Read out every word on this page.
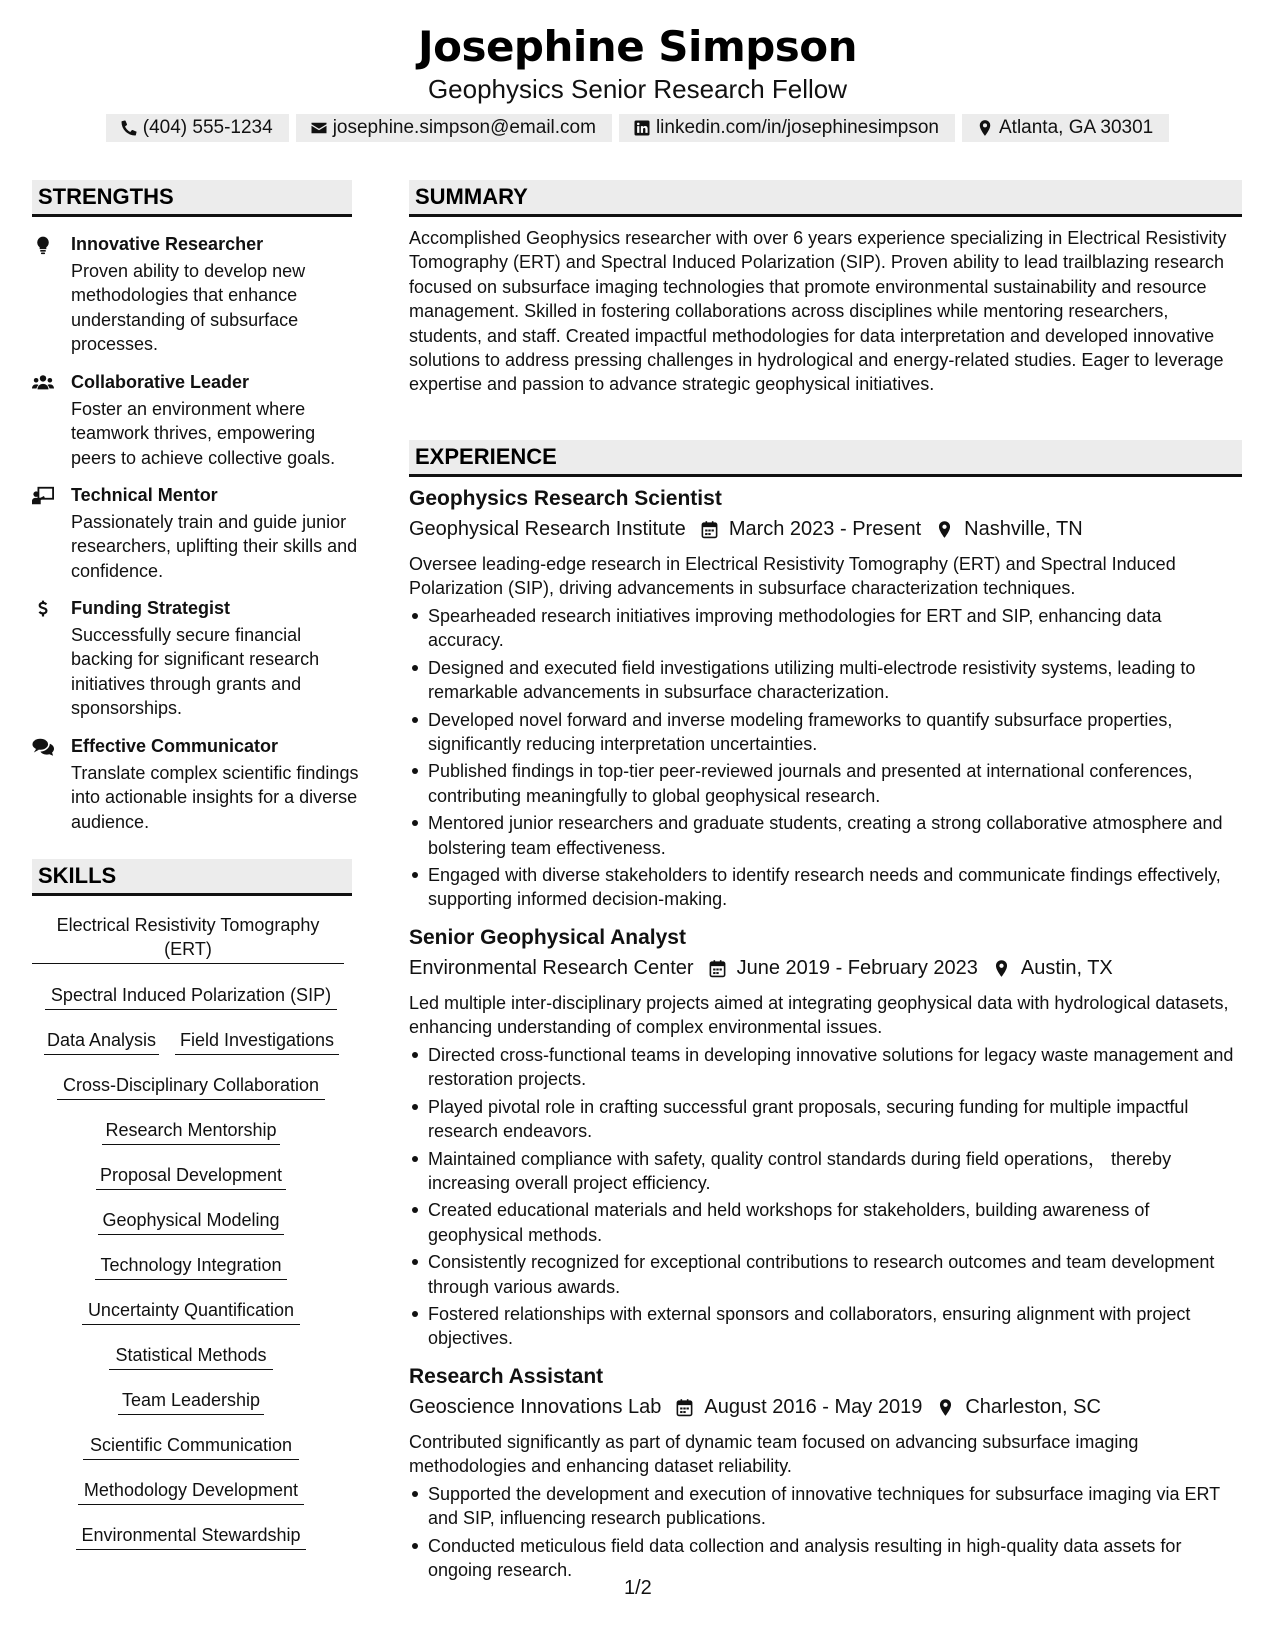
Josephine Simpson
Geophysics Senior Research Fellow
(404) 555-1234	josephine.simpson@email.com	linkedin.com/in/josephinesimpson	Atlanta, GA 30301
STRENGTHS
Innovative Researcher
Proven ability to develop new methodologies that enhance understanding of subsurface processes.
Collaborative Leader
Foster an environment where teamwork thrives, empowering peers to achieve collective goals.
Technical Mentor
Passionately train and guide junior researchers, uplifting their skills and confidence.
Funding Strategist
Successfully secure financial backing for significant research initiatives through grants and sponsorships.
Effective Communicator
Translate complex scientific findings into actionable insights for a diverse audience.
SKILLS
Electrical Resistivity Tomography (ERT)
Spectral Induced Polarization (SIP)
Data Analysis Field Investigations
Cross-Disciplinary Collaboration
Research Mentorship
Proposal Development
Geophysical Modeling
Technology Integration
Uncertainty Quantification
Statistical Methods
Team Leadership
Scientific Communication
Methodology Development
Environmental Stewardship
SUMMARY
Accomplished Geophysics researcher with over 6 years experience specializing in Electrical Resistivity Tomography (ERT) and Spectral Induced Polarization (SIP). Proven ability to lead trailblazing research focused on subsurface imaging technologies that promote environmental sustainability and resource management. Skilled in fostering collaborations across disciplines while mentoring researchers, students, and staff. Created impactful methodologies for data interpretation and developed innovative solutions to address pressing challenges in hydrological and energy-related studies. Eager to leverage expertise and passion to advance strategic geophysical initiatives.
EXPERIENCE
Geophysics Research Scientist
Geophysical Research Institute March 2023 - Present Nashville, TN
Oversee leading-edge research in Electrical Resistivity Tomography (ERT) and Spectral Induced Polarization (SIP), driving advancements in subsurface characterization techniques.
Spearheaded research initiatives improving methodologies for ERT and SIP, enhancing data accuracy.
Designed and executed field investigations utilizing multi-electrode resistivity systems, leading to remarkable advancements in subsurface characterization.
Developed novel forward and inverse modeling frameworks to quantify subsurface properties, significantly reducing interpretation uncertainties.
Published findings in top-tier peer-reviewed journals and presented at international conferences, contributing meaningfully to global geophysical research.
Mentored junior researchers and graduate students, creating a strong collaborative atmosphere and bolstering team effectiveness.
Engaged with diverse stakeholders to identify research needs and communicate findings effectively, supporting informed decision-making.
Senior Geophysical Analyst
Environmental Research Center June 2019 - February 2023 Austin, TX
Led multiple inter-disciplinary projects aimed at integrating geophysical data with hydrological datasets, enhancing understanding of complex environmental issues.
Directed cross-functional teams in developing innovative solutions for legacy waste management and restoration projects.
Played pivotal role in crafting successful grant proposals, securing funding for multiple impactful research endeavors.
Maintained compliance with safety, quality control standards during field operations， thereby increasing overall project efficiency.
Created educational materials and held workshops for stakeholders, building awareness of geophysical methods.
Consistently recognized for exceptional contributions to research outcomes and team development through various awards.
Fostered relationships with external sponsors and collaborators, ensuring alignment with project objectives.
Research Assistant
Geoscience Innovations Lab August 2016 - May 2019 Charleston, SC
Contributed significantly as part of dynamic team focused on advancing subsurface imaging methodologies and enhancing dataset reliability.
Supported the development and execution of innovative techniques for subsurface imaging via ERT and SIP, influencing research publications.
Conducted meticulous field data collection and analysis resulting in high-quality data assets for ongoing research.
1/2
